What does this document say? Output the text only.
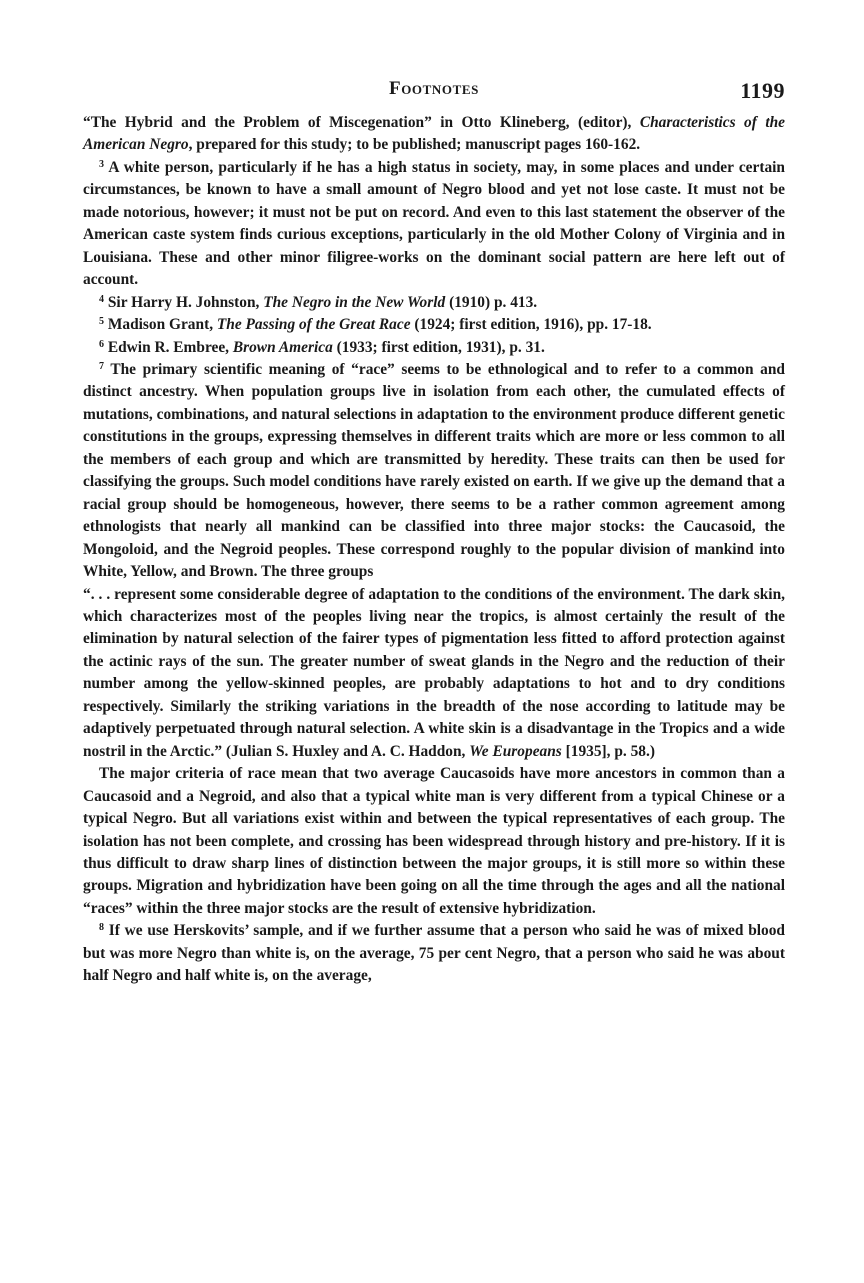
Footnotes	1199

“The Hybrid and the Problem of Miscegenation” in Otto Klineberg, (editor), Characteristics of the American Negro, prepared for this study; to be published; manuscript pages 160-162.

$^3$ A white person, particularly if he has a high status in society, may, in some places and under certain circumstances, be known to have a small amount of Negro blood and yet not lose caste. It must not be made notorious, however; it must not be put on record. And even to this last statement the observer of the American caste system finds curious exceptions, particularly in the old Mother Colony of Virginia and in Louisiana. These and other minor filigree-works on the dominant social pattern are here left out of account.

$^4$ Sir Harry H. Johnston, The Negro in the New World (1910) p. 413.

$^5$ Madison Grant, The Passing of the Great Race (1924; first edition, 1916), pp. 17-18.

$^6$ Edwin R. Embree, Brown America (1933; first edition, 1931), p. 31.

$^7$ The primary scientific meaning of “race” seems to be ethnological and to refer to a common and distinct ancestry. When population groups live in isolation from each other, the cumulated effects of mutations, combinations, and natural selections in adaptation to the environment produce different genetic constitutions in the groups, expressing themselves in different traits which are more or less common to all the members of each group and which are transmitted by heredity. These traits can then be used for classifying the groups. Such model conditions have rarely existed on earth. If we give up the demand that a racial group should be homogeneous, however, there seems to be a rather common agreement among ethnologists that nearly all mankind can be classified into three major stocks: the Caucasoid, the Mongoloid, and the Negroid peoples. These correspond roughly to the popular division of mankind into White, Yellow, and Brown. The three groups

“. . . represent some considerable degree of adaptation to the conditions of the environment. The dark skin, which characterizes most of the peoples living near the tropics, is almost certainly the result of the elimination by natural selection of the fairer types of pigmentation less fitted to afford protection against the actinic rays of the sun. The greater number of sweat glands in the Negro and the reduction of their number among the yellow-skinned peoples, are probably adaptations to hot and to dry conditions respectively. Similarly the striking variations in the breadth of the nose according to latitude may be adaptively perpetuated through natural selection. A white skin is a disadvantage in the Tropics and a wide nostril in the Arctic.” (Julian S. Huxley and A. C. Haddon, We Europeans [1935], p. 58.)

The major criteria of race mean that two average Caucasoids have more ancestors in common than a Caucasoid and a Negroid, and also that a typical white man is very different from a typical Chinese or a typical Negro. But all variations exist within and between the typical representatives of each group. The isolation has not been complete, and crossing has been widespread through history and pre-history. If it is thus difficult to draw sharp lines of distinction between the major groups, it is still more so within these groups. Migration and hybridization have been going on all the time through the ages and all the national “races” within the three major stocks are the result of extensive hybridization.

$^8$ If we use Herskovits’ sample, and if we further assume that a person who said he was of mixed blood but was more Negro than white is, on the average, 75 per cent Negro, that a person who said he was about half Negro and half white is, on the average,
